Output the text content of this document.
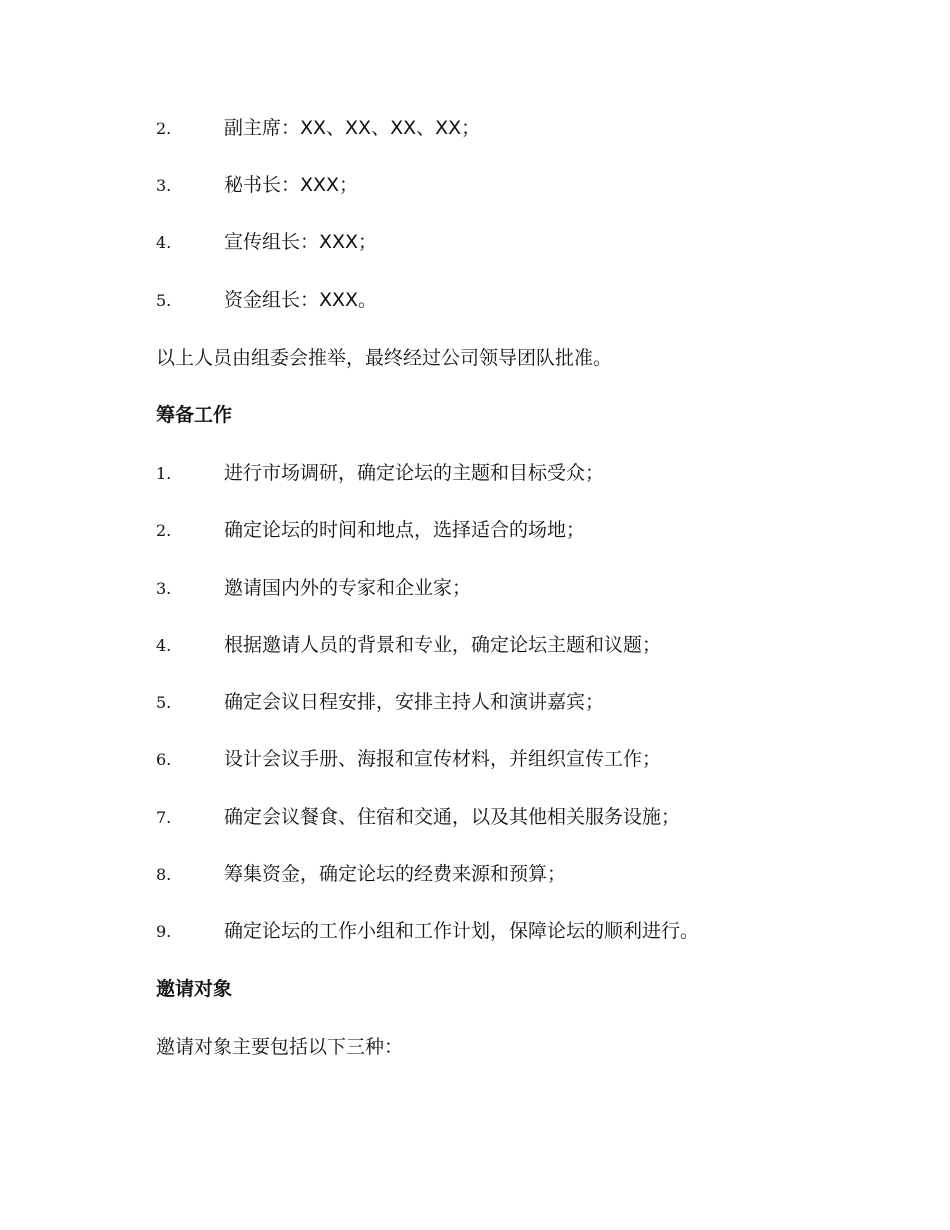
2.	副主席：XX、XX、XX、XX；
3.	秘书长：XXX；
4.	宣传组长：XXX；
5.	资金组长：XXX。
以上人员由组委会推举，最终经过公司领导团队批准。
筹备工作
1.	进行市场调研，确定论坛的主题和目标受众；
2.	确定论坛的时间和地点，选择适合的场地；
3.	邀请国内外的专家和企业家；
4.	根据邀请人员的背景和专业，确定论坛主题和议题；
5.	确定会议日程安排，安排主持人和演讲嘉宾；
6.	设计会议手册、海报和宣传材料，并组织宣传工作；
7.	确定会议餐食、住宿和交通，以及其他相关服务设施；
8.	筹集资金，确定论坛的经费来源和预算；
9.	确定论坛的工作小组和工作计划，保障论坛的顺利进行。
邀请对象
邀请对象主要包括以下三种：
